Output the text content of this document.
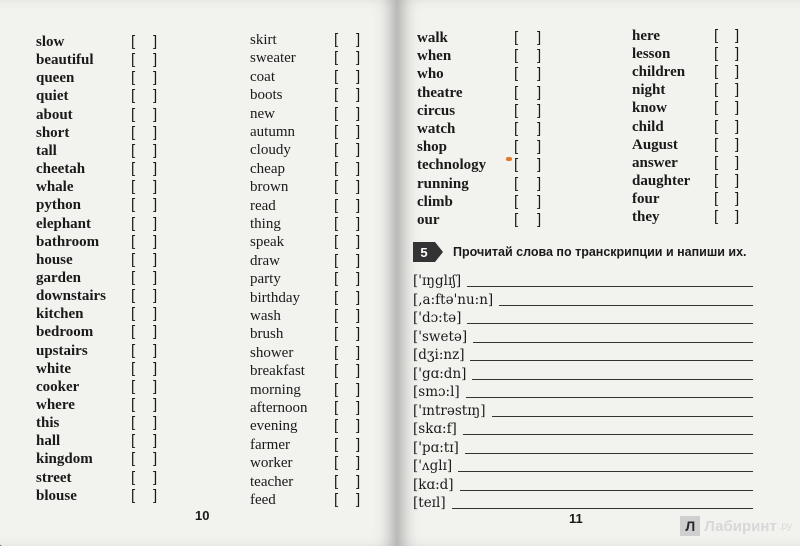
slow	[ ]
beautiful [ ]
queen	[ ]
quiet	[ ]
about	[ ]
short	[ ]
tall	[ ]
cheetah	[ ]
whale	[ ]
python	[ ]
elephant	[ ]
bathroom [ ]
house	[ ]
garden	[ ]
downstairs [ ]
kitchen	[ ]
bedroom	[ ]
upstairs	[ ]
white	[ ]
cooker	[ ]
where	[ ]
this	[ ]
hall	[ ]
kingdom	[ ]
street	[ ]
blouse	[ ]
skirt	[ ]
sweater	[ ]
coat	[ ]
boots	[ ]
new	[ ]
autumn	[ ]
cloudy	[ ]
cheap	[ ]
brown	[ ]
read	[ ]
thing	[ ]
speak	[ ]
draw	[ ]
party	[ ]
birthday [ ]
wash	[ ]
brush	[ ]
shower	[ ]
breakfast [ ]
morning [ ]
afternoon [ ]
evening [ ]
farmer	[ ]
worker	[ ]
teacher	[ ]
feed	[ ]
10
walk	[ ]
when	[ ]
who	[ ]
theatre	[ ]
circus	[ ]
watch	[ ]
shop	[ ]
technology [ ]
running	[ ]
climb	[ ]
our	[ ]
here	[ ]
lesson	[ ]
children [ ]
night	[ ]
know	[ ]
child	[ ]
August [ ]
answer [ ]
daughter [ ]
four	[ ]
they	[ ]
5	Прочитай слова по транскрипции и напиши их.
['ɪŋglɪʃ]
[,a:ftə'nu:n]
['dɔ:tə]
['swetə]
[dʒi:nz]
['gɑ:dn]
[smɔ:l]
['ɪntrəstɪŋ]
[skɑ:f]
['pɑ:tɪ]
['ʌglɪ]
[kɑ:d]
[teɪl]
11	Л Лабиринт .ру
